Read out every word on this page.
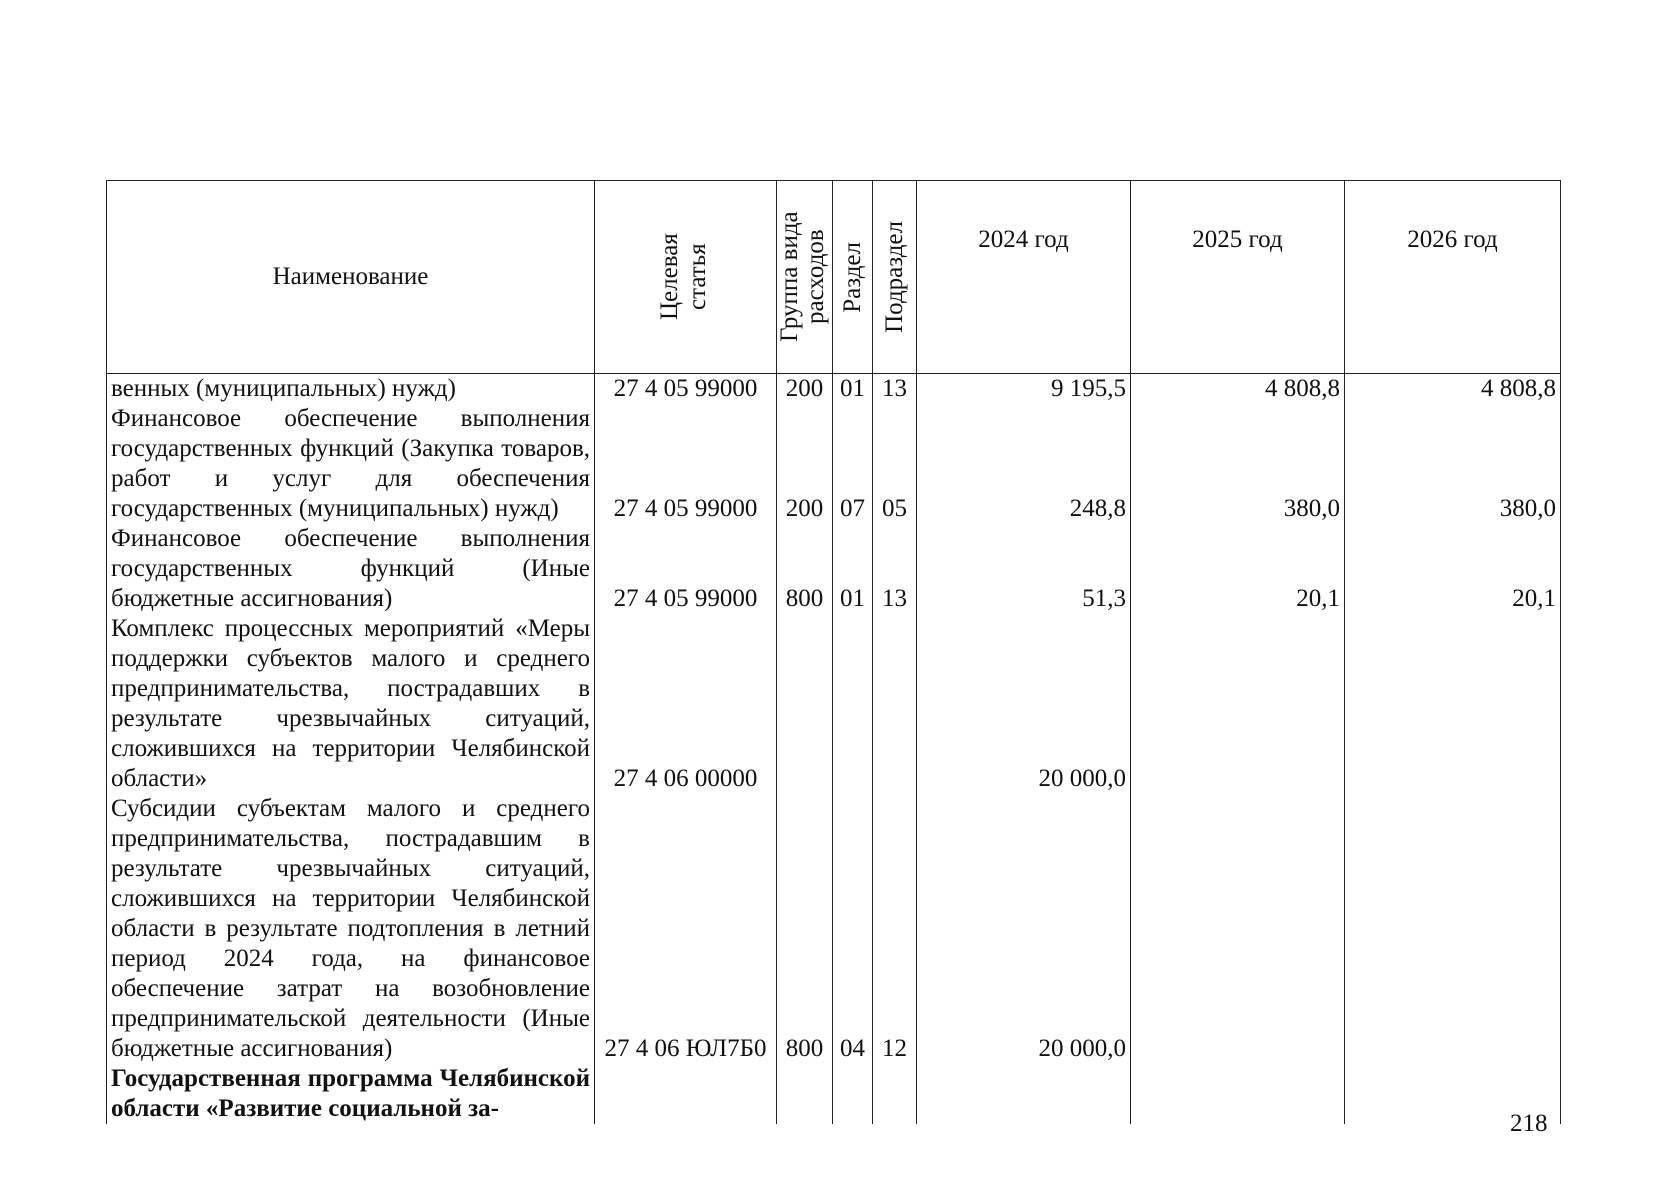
Наименование	Целевая статья	Группа вида расходов	Раздел	Подраздел	2024 год	2025 год	2026 год
венных (муниципальных) нужд)	27 4 05 99000	200	01	13	9 195,5	4 808,8	4 808,8
Финансовое обеспечение выполнения государственных функций (Закупка товаров, работ и услуг для обеспечения государственных (муниципальных) нужд)	27 4 05 99000	200	07	05	248,8	380,0	380,0
Финансовое обеспечение выполнения государственных функций (Иные бюджетные ассигнования)	27 4 05 99000	800	01	13	51,3	20,1	20,1
Комплекс процессных мероприятий «Меры поддержки субъектов малого и среднего предпринимательства, пострадавших в результате чрезвычайных ситуаций, сложившихся на территории Челябинской области»	27 4 06 00000				20 000,0		
Субсидии субъектам малого и среднего предпринимательства, пострадавшим в результате чрезвычайных ситуаций, сложившихся на территории Челябинской области в результате подтопления в летний период 2024 года, на финансовое обеспечение затрат на возобновление предпринимательской деятельности (Иные бюджетные ассигнования)	27 4 06 ЮЛ7Б0	800	04	12	20 000,0		
Государственная программа Челябинской области «Развитие социальной за-							
218
